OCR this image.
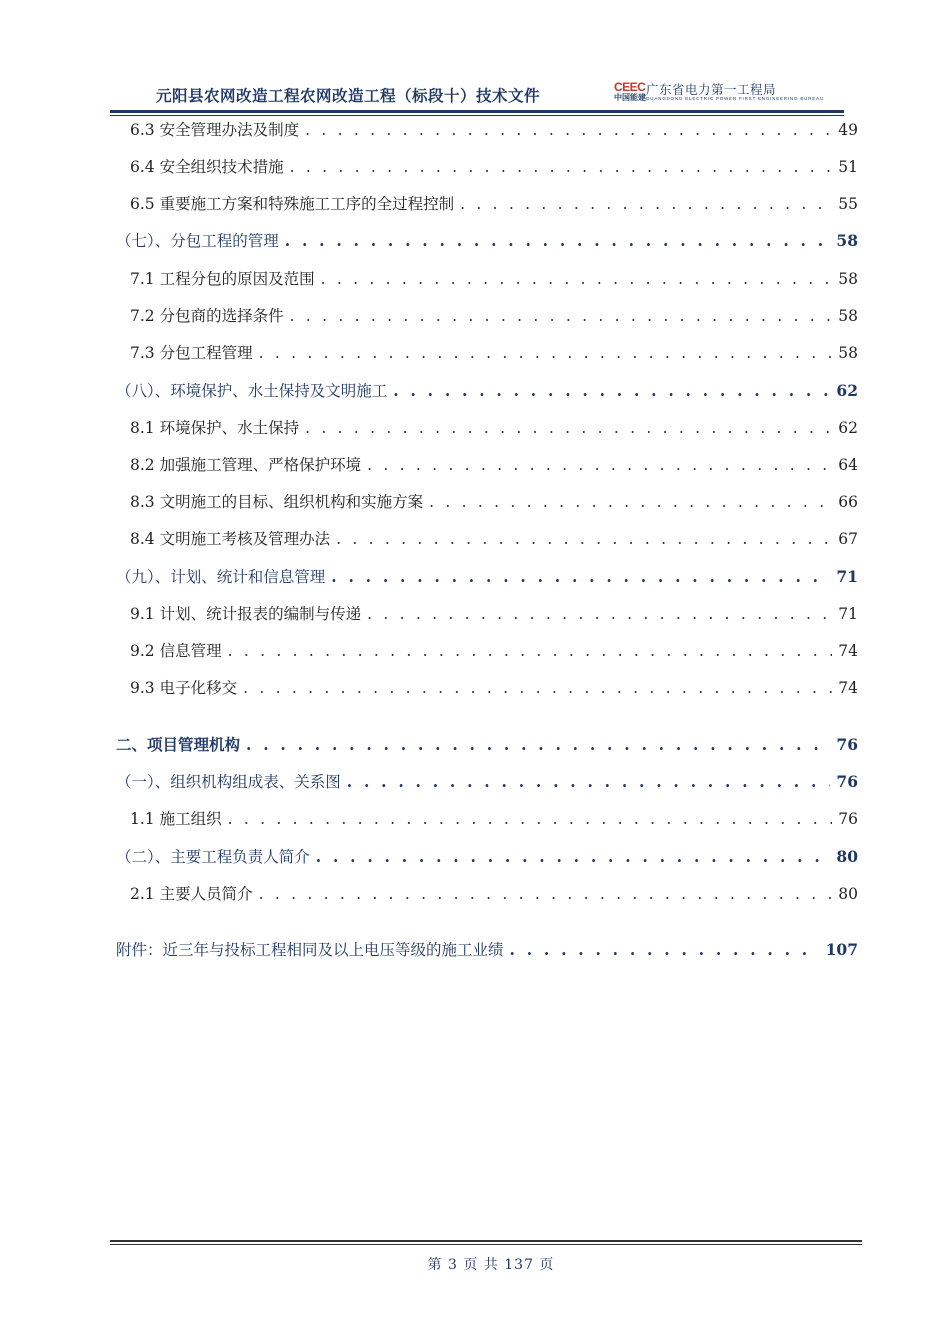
元阳县农网改造工程农网改造工程（标段十）技术文件	CEEC
中国能建
广东省电力第一工程局
GUANGDONG ELECTRIC POWER FIRST ENGINEERING BUREAU
6.3 安全管理办法及制度 . . .	49
6.4 安全组织技术措施 . . .	51
6.5 重要施工方案和特殊施工工序的全过程控制 . . .	55
（七）、分包工程的管理 . . .	58
7.1 工程分包的原因及范围 . . .	58
7.2 分包商的选择条件 . . .	58
7.3 分包工程管理 . . .	58
（八）、环境保护、水土保持及文明施工 . . .	62
8.1 环境保护、水土保持 . . .	62
8.2 加强施工管理、严格保护环境 . . .	64
8.3 文明施工的目标、组织机构和实施方案 . . .	66
8.4 文明施工考核及管理办法 . . .	67
（九）、计划、统计和信息管理 . . .	71
9.1 计划、统计报表的编制与传递 . . .	71
9.2 信息管理 . . .	74
9.3 电子化移交 . . .	74
二、项目管理机构 . . .	76
（一）、组织机构组成表、关系图 . . .	76
1.1 施工组织 . . .	76
（二）、主要工程负责人简介 . . .	80
2.1 主要人员简介 . . .	80
附件：近三年与投标工程相同及以上电压等级的施工业绩 . . .	107
第 3 页 共 137 页
